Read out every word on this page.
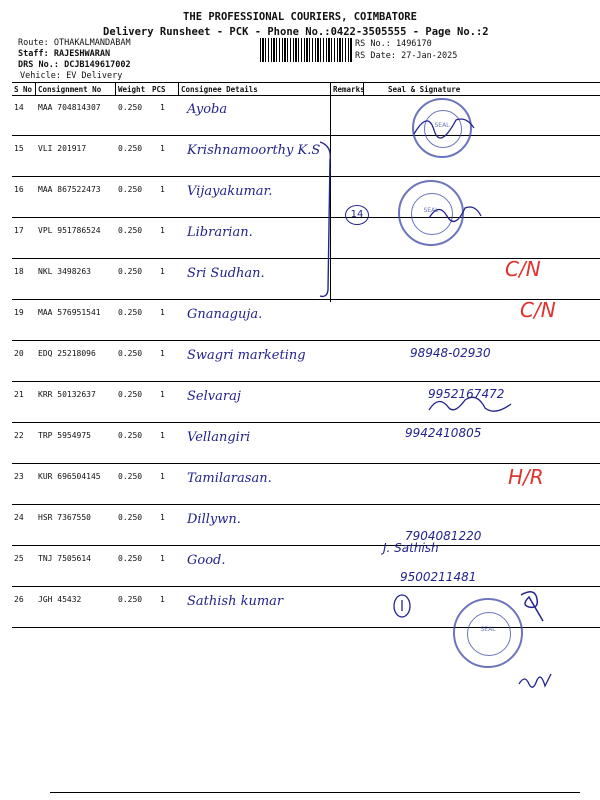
THE PROFESSIONAL COURIERS, COIMBATORE
Delivery Runsheet - PCK - Phone No.:0422-3505555 - Page No.:2
Route: OTHAKALMANDABAM
Staff: RAJESHWARAN
DRS No.: DCJB149617002
Vehicle: EV Delivery
RS No.: 1496170
RS Date: 27-Jan-2025
S No Consignment No Weight PCS Consignee Details	Remarks	Seal & Signature
14 MAA 704814307 0.250 1 Ayoba
15 VLI 201917	0.250 1 Krishnamoorthy K.S
16 MAA 867522473 0.250 1 Vijayakumar.
17 VPL 951786524 0.250 1 Librarian.
18 NKL 3498263	0.250 1 Sri Sudhan.
19 MAA 576951541 0.250 1 Gnanaguja.
20 EDQ 25218096	0.250 1 Swagri marketing	98948-02930
21 KRR 50132637	0.250 1 Selvaraj	9952167472
22 TRP 5954975	0.250 1 Vellangiri	9942410805
23 KUR 696504145 0.250 1 Tamilarasan.
24 HSR 7367550	0.250 1 Dillywn.
7904081220
25 TNJ 7505614	0.250 1 Good.
9500211481
26 JGH 45432	0.250 1 Sathish kumar
14
SEAL
SEAL
SEAL
C/N
C/N
H/R
J. Sathish
